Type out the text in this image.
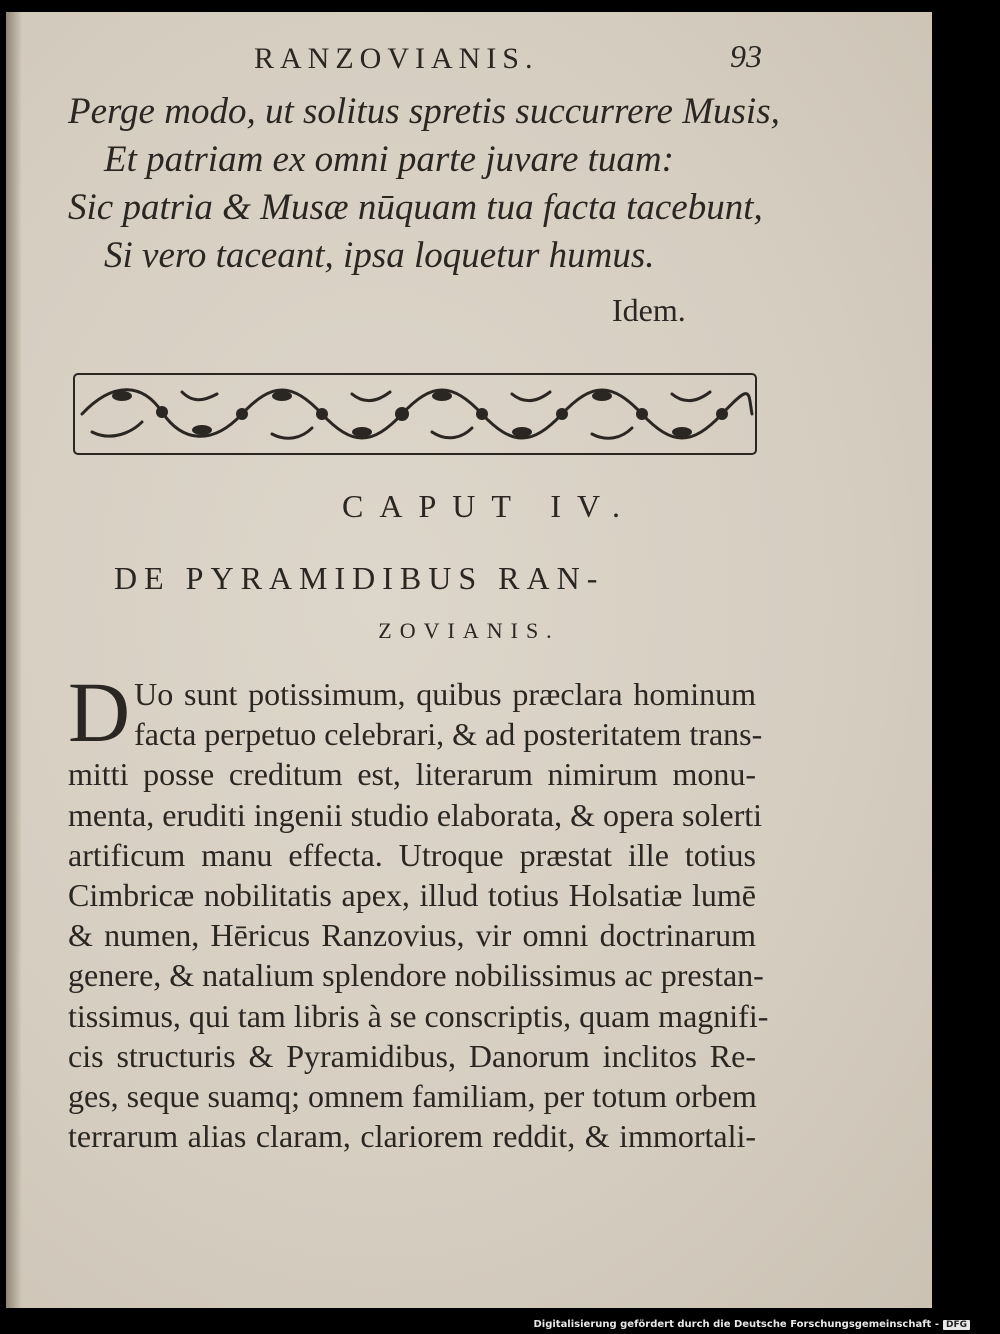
RANZOVIANIS.	93
Perge modo, ut solitus spretis succurrere Musis,
Et patriam ex omni parte juvare tuam:
Sic patria & Musæ nūquam tua facta tacebunt,
Si vero taceant, ipsa loquetur humus.
Idem.
CAPUT IV.
DE PYRAMIDIBUS RAN-
ZOVIANIS.
D Uo sunt potissimum, quibus præclara hominum
facta perpetuo celebrari, & ad posteritatem trans-
mitti posse creditum est, literarum nimirum monu-
menta, eruditi ingenii studio elaborata, & opera solerti
artificum manu effecta. Utroque præstat ille totius
Cimbricæ nobilitatis apex, illud totius Holsatiæ lumē
& numen, Hēricus Ranzovius, vir omni doctrinarum
genere, & natalium splendore nobilissimus ac prestan-
tissimus, qui tam libris à se conscriptis, quam magnifi-
cis structuris & Pyramidibus, Danorum inclitos Re-
ges, seque suamq; omnem familiam, per totum orbem
terrarum alias claram, clariorem reddit, & immortali-
Digitalisierung gefördert durch die Deutsche Forschungsgemeinschaft - DFG
